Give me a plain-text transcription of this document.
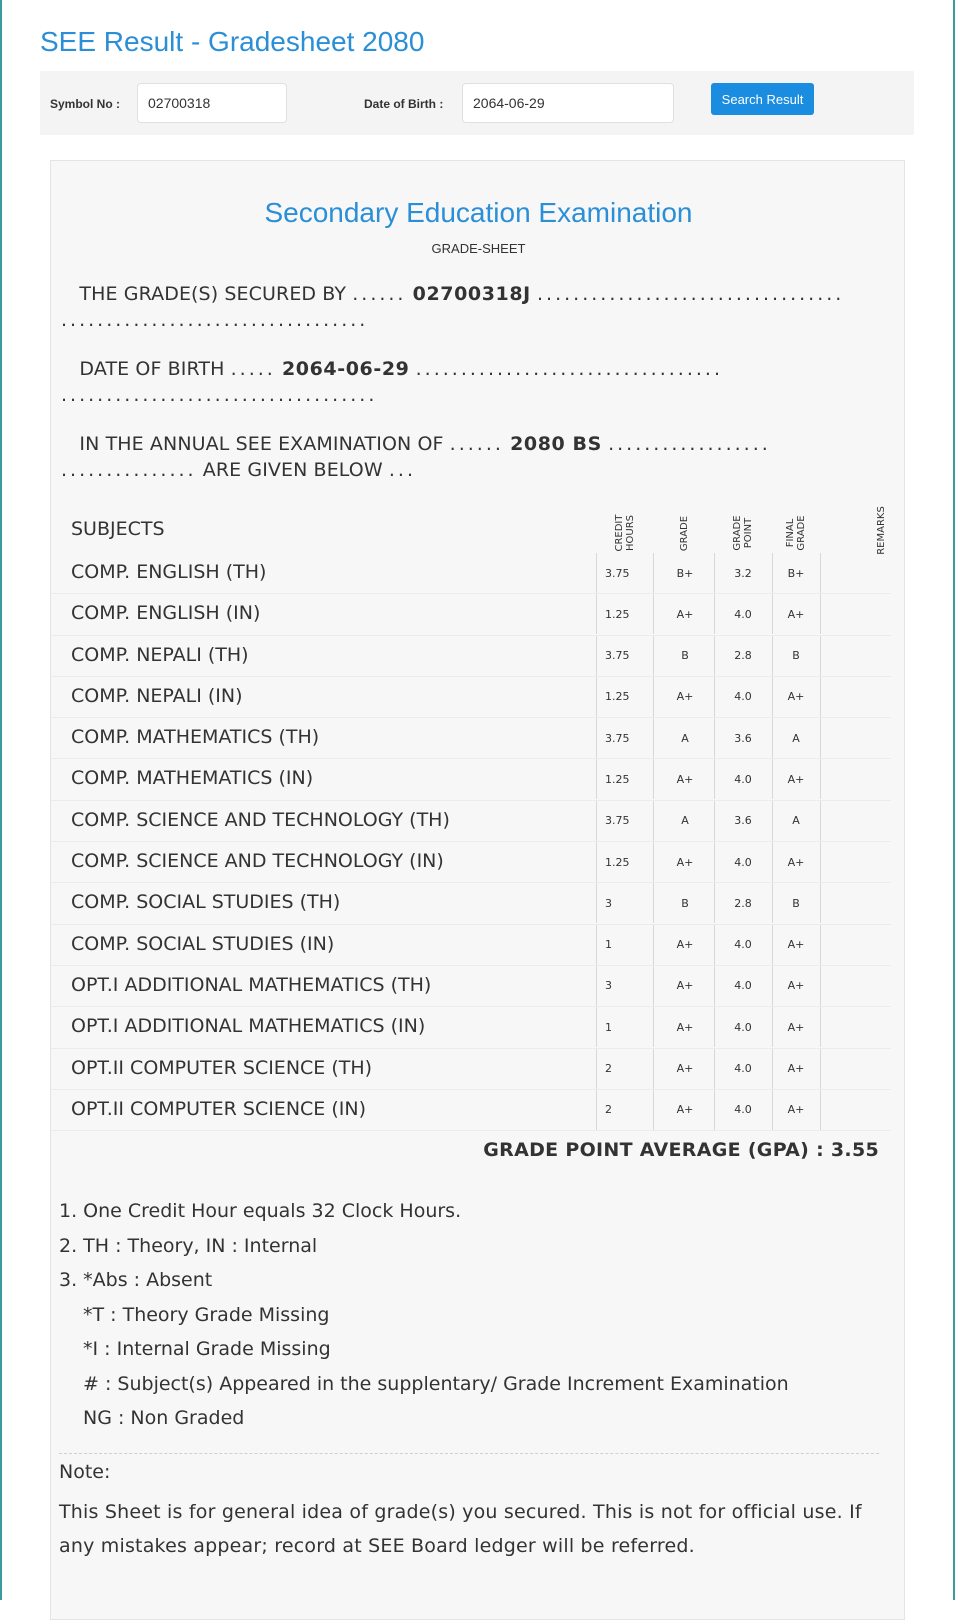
SEE Result - Gradesheet 2080
Symbol No :
02700318	Date of Birth :
2064-06-29	Search Result
Secondary Education Examination
GRADE-SHEET
THE GRADE(S) SECURED BY ...... 02700318J ..................................
..................................
DATE OF BIRTH ..... 2064-06-29 ..................................
...................................
IN THE ANNUAL SEE EXAMINATION OF ...... 2080 BS ..................
............... ARE GIVEN BELOW ...
SUBJECTS	CREDIT HOURS	GRADE	GRADE POINT	FINAL GRADE	REMARKS
COMP. ENGLISH (TH)	3.75	B+	3.2	B+
COMP. ENGLISH (IN)	1.25	A+	4.0	A+
COMP. NEPALI (TH)	3.75	B	2.8	B
COMP. NEPALI (IN)	1.25	A+	4.0	A+
COMP. MATHEMATICS (TH)	3.75	A	3.6	A
COMP. MATHEMATICS (IN)	1.25	A+	4.0	A+
COMP. SCIENCE AND TECHNOLOGY (TH)	3.75	A	3.6	A
COMP. SCIENCE AND TECHNOLOGY (IN)	1.25	A+	4.0	A+
COMP. SOCIAL STUDIES (TH)	3	B	2.8	B
COMP. SOCIAL STUDIES (IN)	1	A+	4.0	A+
OPT.I ADDITIONAL MATHEMATICS (TH)	3	A+	4.0	A+
OPT.I ADDITIONAL MATHEMATICS (IN)	1	A+	4.0	A+
OPT.II COMPUTER SCIENCE (TH)	2	A+	4.0	A+
OPT.II COMPUTER SCIENCE (IN)	2	A+	4.0	A+
GRADE POINT AVERAGE (GPA) : 3.55
1. One Credit Hour equals 32 Clock Hours.
2. TH : Theory, IN : Internal
3. *Abs : Absent
*T : Theory Grade Missing
*I : Internal Grade Missing
# : Subject(s) Appeared in the supplentary/ Grade Increment Examination
NG : Non Graded
Note:
This Sheet is for general idea of grade(s) you secured. This is not for official use. If any mistakes appear; record at SEE Board ledger will be referred.
